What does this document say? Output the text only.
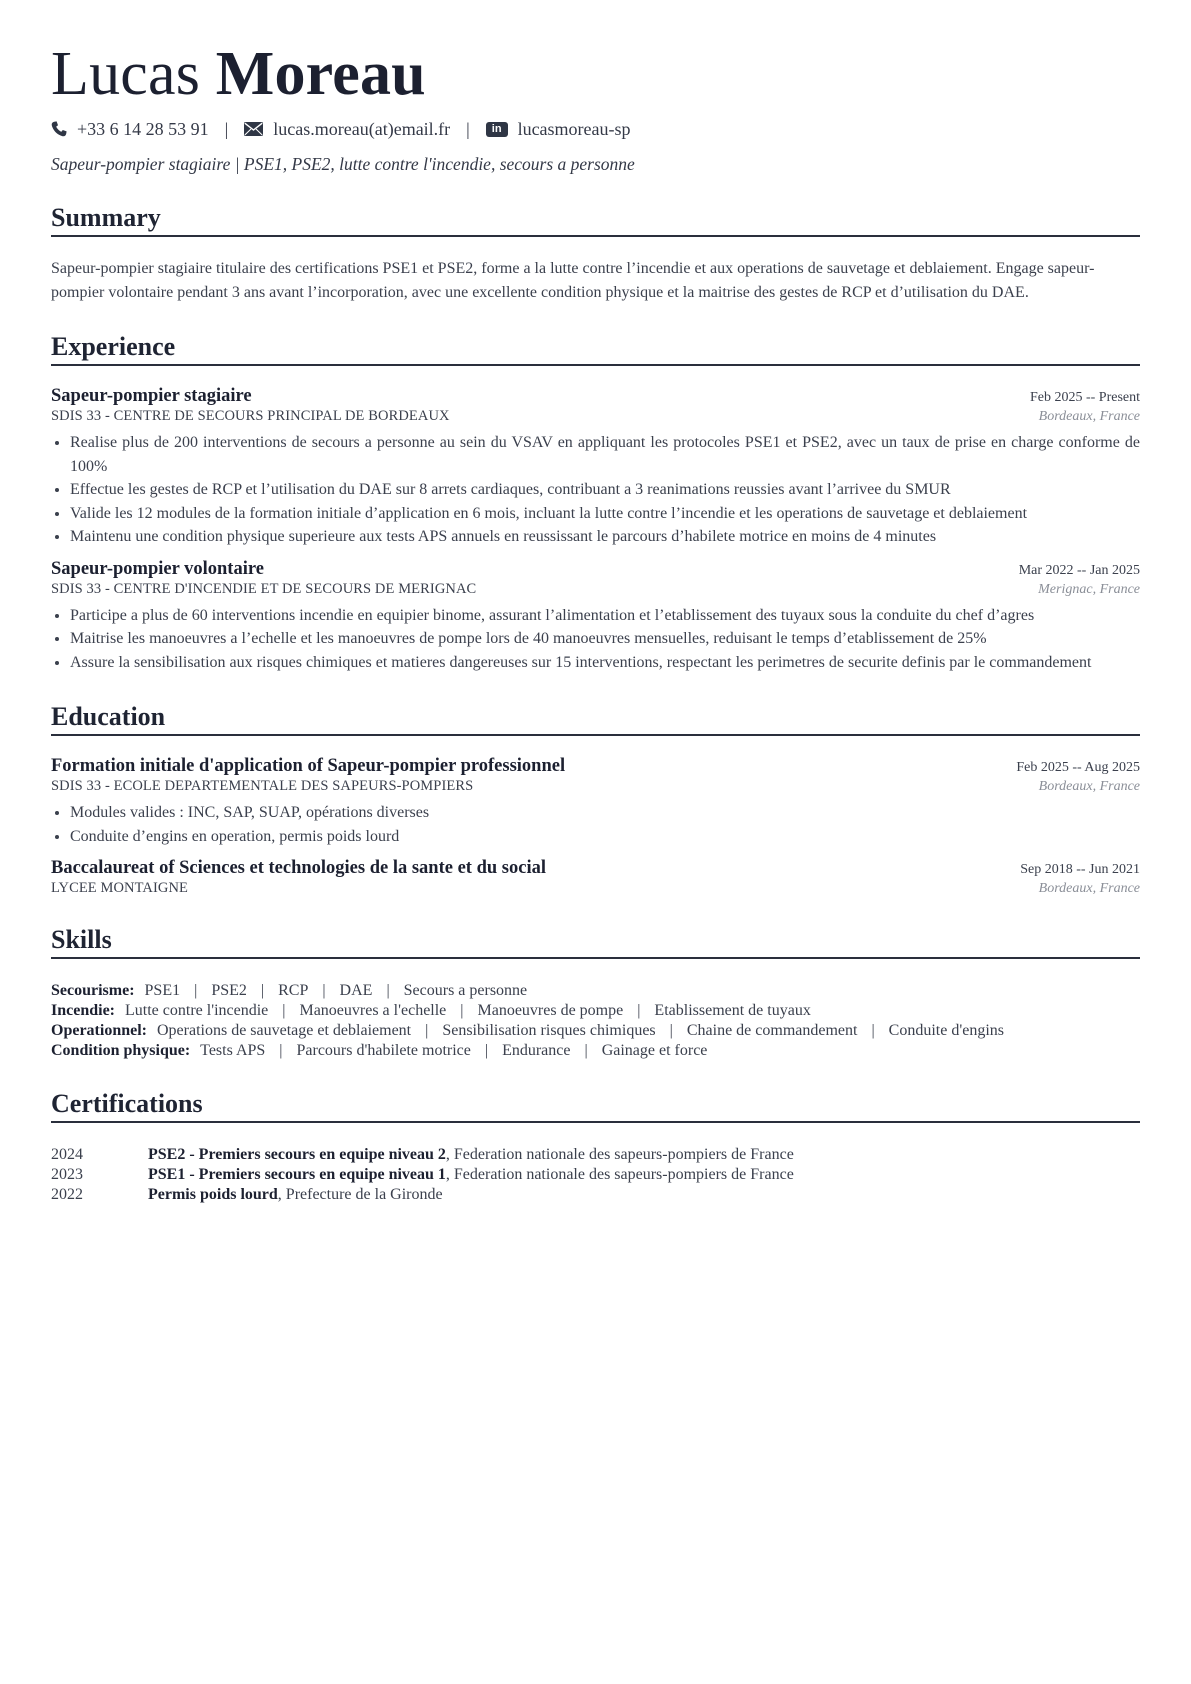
Lucas Moreau
+33 6 14 28 53 91 |	lucas.moreau(at)email.fr |	in lucasmoreau-sp
Sapeur-pompier stagiaire | PSE1, PSE2, lutte contre l'incendie, secours a personne
Summary
Sapeur-pompier stagiaire titulaire des certifications PSE1 et PSE2, forme a la lutte contre l’incendie et aux operations de sauvetage et deblaiement. Engage sapeur-pompier volontaire pendant 3 ans avant l’incorporation, avec une excellente condition physique et la maitrise des gestes de RCP et d’utilisation du DAE.
Experience
Sapeur-pompier stagiaire	Feb 2025 -- Present
SDIS 33 - CENTRE DE SECOURS PRINCIPAL DE BORDEAUX	Bordeaux, France
• Realise plus de 200 interventions de secours a personne au sein du VSAV en appliquant les protocoles PSE1 et PSE2, avec un taux de prise en charge conforme de 100%
• Effectue les gestes de RCP et l’utilisation du DAE sur 8 arrets cardiaques, contribuant a 3 reanimations reussies avant l’arrivee du SMUR
• Valide les 12 modules de la formation initiale d’application en 6 mois, incluant la lutte contre l’incendie et les operations de sauvetage et deblaiement
• Maintenu une condition physique superieure aux tests APS annuels en reussissant le parcours d’habilete motrice en moins de 4 minutes
Sapeur-pompier volontaire	Mar 2022 -- Jan 2025
SDIS 33 - CENTRE D'INCENDIE ET DE SECOURS DE MERIGNAC	Merignac, France
• Participe a plus de 60 interventions incendie en equipier binome, assurant l’alimentation et l’etablissement des tuyaux sous la conduite du chef d’agres
• Maitrise les manoeuvres a l’echelle et les manoeuvres de pompe lors de 40 manoeuvres mensuelles, reduisant le temps d’etablissement de 25%
• Assure la sensibilisation aux risques chimiques et matieres dangereuses sur 15 interventions, respectant les perimetres de securite definis par le commandement
Education
Formation initiale d'application of Sapeur-pompier professionnel	Feb 2025 -- Aug 2025
SDIS 33 - ECOLE DEPARTEMENTALE DES SAPEURS-POMPIERS	Bordeaux, France
• Modules valides : INC, SAP, SUAP, opérations diverses
• Conduite d’engins en operation, permis poids lourd
Baccalaureat of Sciences et technologies de la sante et du social	Sep 2018 -- Jun 2021
LYCEE MONTAIGNE	Bordeaux, France
Skills
Secourisme: PSE1 | PSE2 | RCP | DAE | Secours a personne
Incendie: Lutte contre l'incendie | Manoeuvres a l'echelle | Manoeuvres de pompe | Etablissement de tuyaux
Operationnel: Operations de sauvetage et deblaiement | Sensibilisation risques chimiques | Chaine de commandement | Conduite d'engins
Condition physique: Tests APS | Parcours d'habilete motrice | Endurance | Gainage et force
Certifications
2024	PSE2 - Premiers secours en equipe niveau 2, Federation nationale des sapeurs-pompiers de France
2023	PSE1 - Premiers secours en equipe niveau 1, Federation nationale des sapeurs-pompiers de France
2022	Permis poids lourd, Prefecture de la Gironde
